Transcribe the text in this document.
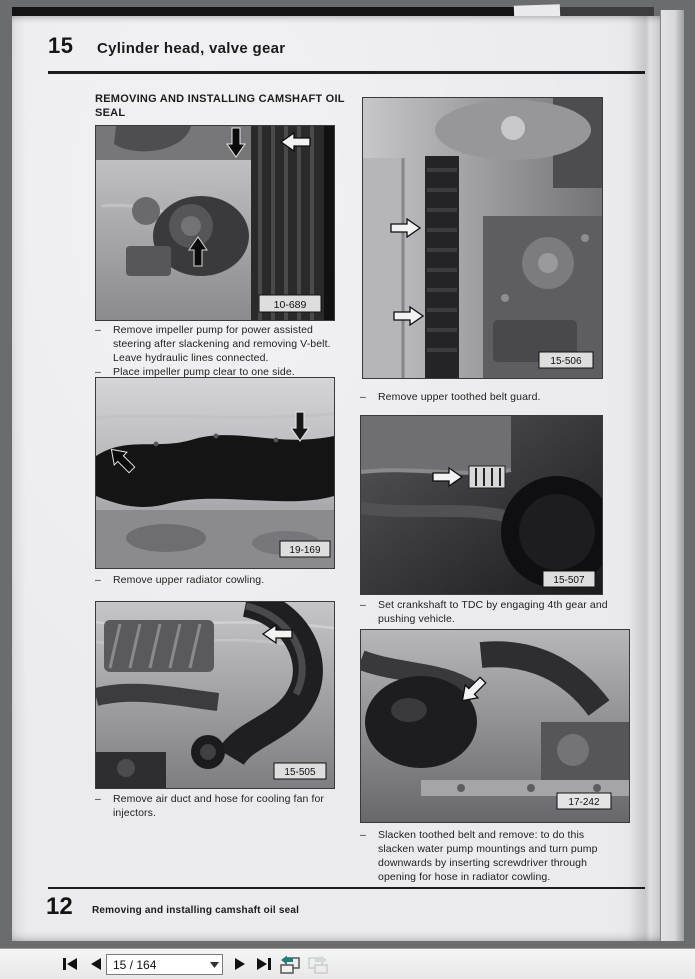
15 Cylinder head, valve gear
REMOVING AND INSTALLING CAMSHAFT OIL SEAL
10-689
–	Remove impeller pump for power assisted steering after slackening and removing V-belt. Leave hydraulic lines connected.
–	Place impeller pump clear to one side.
19-169
–	Remove upper radiator cowling.
15-505
–	Remove air duct and hose for cooling fan for injectors.
15-506
–	Remove upper toothed belt guard.
15-507
–	Set crankshaft to TDC by engaging 4th gear and pushing vehicle.
17-242
–	Slacken toothed belt and remove: to do this slacken water pump mountings and turn pump downwards by inserting screwdriver through opening for hose in radiator cowling.
12 Removing and installing camshaft oil seal
15 / 164
